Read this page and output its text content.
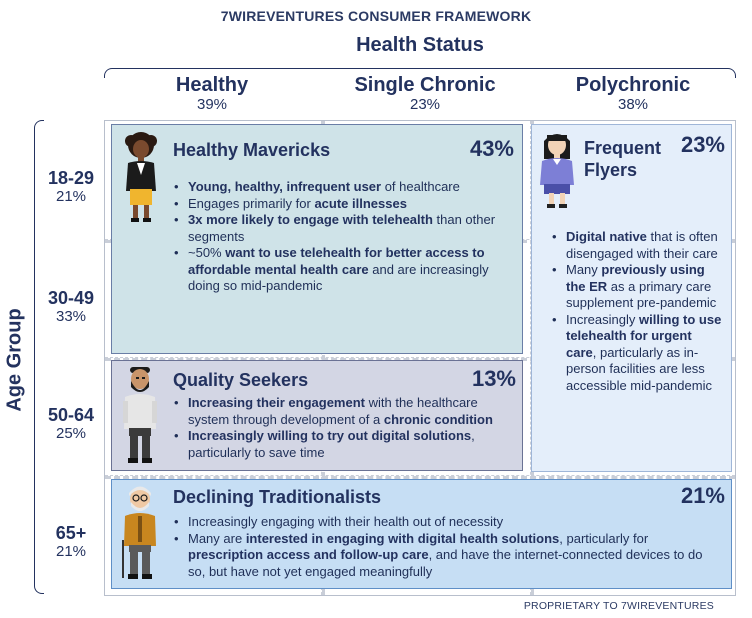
7WIREVENTURES CONSUMER FRAMEWORK
Health Status
Age Group
Healthy
39%
Single Chronic
23%
Polychronic
38%
18-29
21%
30-49
33%
50-64
25%
65+
21%
Healthy Mavericks	43%
• Young, healthy, infrequent user of healthcare
• Engages primarily for acute illnesses
• 3x more likely to engage with telehealth than other segments
• ~50% want to use telehealth for better access to affordable mental health care and are increasingly doing so mid-pandemic
Frequent Flyers
23%
• Digital native that is often disengaged with their care
• Many previously using the ER as a primary care supplement pre-pandemic
• Increasingly willing to use telehealth for urgent care, particularly as in-person facilities are less accessible mid-pandemic
Quality Seekers	13%
• Increasing their engagement with the healthcare system through development of a chronic condition
• Increasingly willing to try out digital solutions, particularly to save time
Declining Traditionalists	21%
• Increasingly engaging with their health out of necessity
• Many are interested in engaging with digital health solutions, particularly for prescription access and follow-up care, and have the internet-connected devices to do so, but have not yet engaged meaningfully
PROPRIETARY TO 7WIREVENTURES
